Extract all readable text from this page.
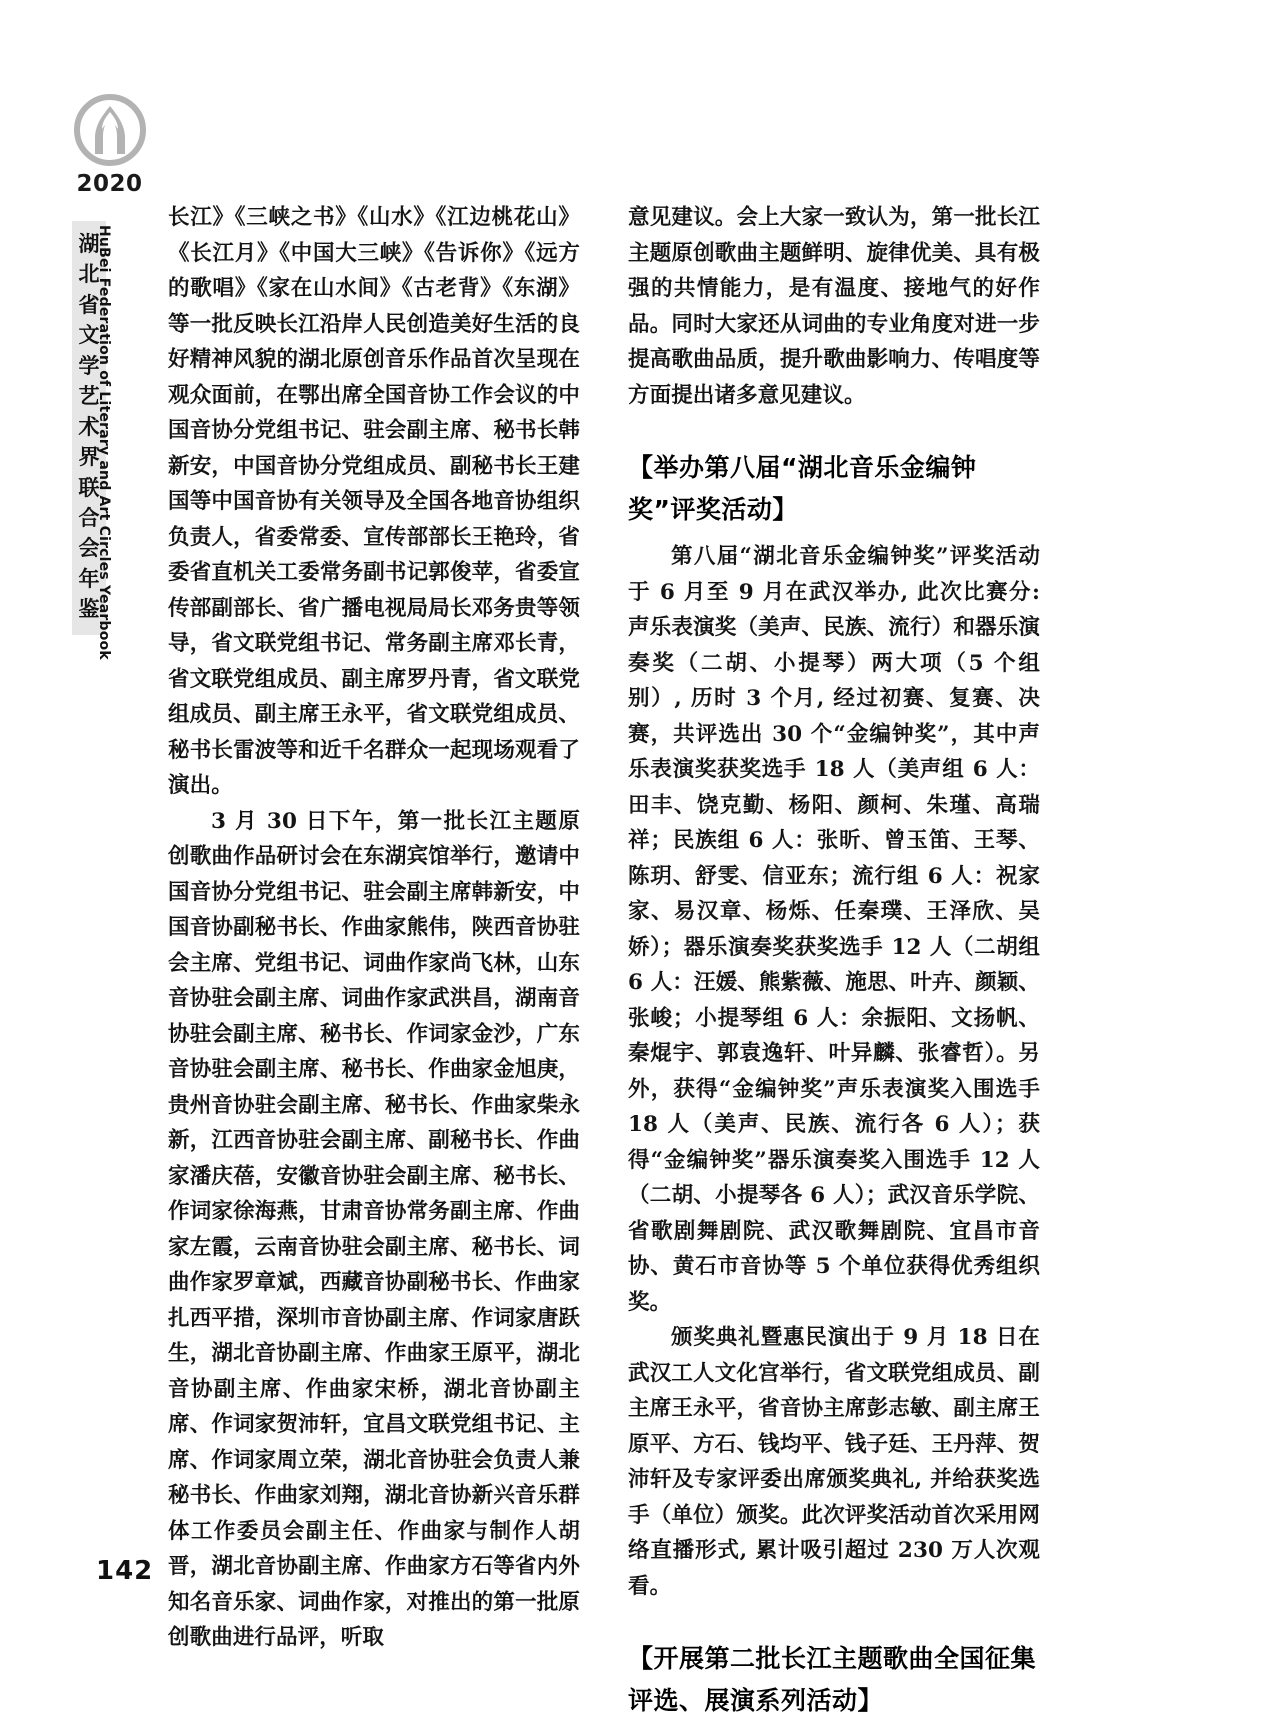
2020
湖
北
省
文
学
艺
术
界
联
合
会
年
鉴
HuBei Federation of Literary and Art Circles Yearbook

长江》《三峡之书》《山水》《江边桃花山》《长江月》《中国大三峡》《告诉你》《远方的歌唱》《家在山水间》《古老背》《东湖》等一批反映长江沿岸人民创造美好生活的良好精神风貌的湖北原创音乐作品首次呈现在观众面前，在鄂出席全国音协工作会议的中国音协分党组书记、驻会副主席、秘书长韩新安，中国音协分党组成员、副秘书长王建国等中国音协有关领导及全国各地音协组织负责人，省委常委、宣传部部长王艳玲，省委省直机关工委常务副书记郭俊苹，省委宣传部副部长、省广播电视局局长邓务贵等领导，省文联党组书记、常务副主席邓长青，省文联党组成员、副主席罗丹青，省文联党组成员、副主席王永平，省文联党组成员、秘书长雷波等和近千名群众一起现场观看了演出。

3 月 30 日下午，第一批长江主题原创歌曲作品研讨会在东湖宾馆举行，邀请中国音协分党组书记、驻会副主席韩新安，中国音协副秘书长、作曲家熊伟，陕西音协驻会主席、党组书记、词曲作家尚飞林，山东音协驻会副主席、词曲作家武洪昌，湖南音协驻会副主席、秘书长、作词家金沙，广东音协驻会副主席、秘书长、作曲家金旭庚，贵州音协驻会副主席、秘书长、作曲家柴永新，江西音协驻会副主席、副秘书长、作曲家潘庆蓓，安徽音协驻会副主席、秘书长、作词家徐海燕，甘肃音协常务副主席、作曲家左霞，云南音协驻会副主席、秘书长、词曲作家罗章斌，西藏音协副秘书长、作曲家扎西平措，深圳市音协副主席、作词家唐跃生，湖北音协副主席、作曲家王原平，湖北音协副主席、作曲家宋桥，湖北音协副主席、作词家贺沛轩，宜昌文联党组书记、主席、作词家周立荣，湖北音协驻会负责人兼秘书长、作曲家刘翔，湖北音协新兴音乐群体工作委员会副主任、作曲家与制作人胡晋，湖北音协副主席、作曲家方石等省内外知名音乐家、词曲作家，对推出的第一批原创歌曲进行品评，听取

意见建议。会上大家一致认为，第一批长江主题原创歌曲主题鲜明、旋律优美、具有极强的共情能力，是有温度、接地气的好作品。同时大家还从词曲的专业角度对进一步提高歌曲品质，提升歌曲影响力、传唱度等方面提出诸多意见建议。

【举办第八届“湖北音乐金编钟奖”评奖活动】

第八届“湖北音乐金编钟奖”评奖活动于 6 月至 9 月在武汉举办, 此次比赛分: 声乐表演奖（美声、民族、流行）和器乐演奏奖（二胡、小提琴）两大项（5 个组别）, 历时 3 个月, 经过初赛、复赛、决赛，共评选出 30 个“金编钟奖”，其中声乐表演奖获奖选手 18 人（美声组 6 人：田丰、饶克勤、杨阳、颜柯、朱瑾、高瑞祥；民族组 6 人：张昕、曾玉笛、王琴、陈玥、舒雯、信亚东；流行组 6 人：祝家家、易汉章、杨烁、任秦璞、王泽欣、吴娇）；器乐演奏奖获奖选手 12 人（二胡组 6 人：汪媛、熊紫薇、施思、叶卉、颜颖、张峻；小提琴组 6 人：余振阳、文扬帆、秦焜宇、郭袁逸轩、叶异麟、张睿哲）。另外，获得“金编钟奖”声乐表演奖入围选手 18 人（美声、民族、流行各 6 人）；获得“金编钟奖”器乐演奏奖入围选手 12 人（二胡、小提琴各 6 人）；武汉音乐学院、省歌剧舞剧院、武汉歌舞剧院、宜昌市音协、黄石市音协等 5 个单位获得优秀组织奖。

颁奖典礼暨惠民演出于 9 月 18 日在武汉工人文化宫举行，省文联党组成员、副主席王永平，省音协主席彭志敏、副主席王原平、方石、钱均平、钱子廷、王丹萍、贺沛轩及专家评委出席颁奖典礼, 并给获奖选手（单位）颁奖。此次评奖活动首次采用网络直播形式, 累计吸引超过 230 万人次观看。

【开展第二批长江主题歌曲全国征集评选、展演系列活动】
142
